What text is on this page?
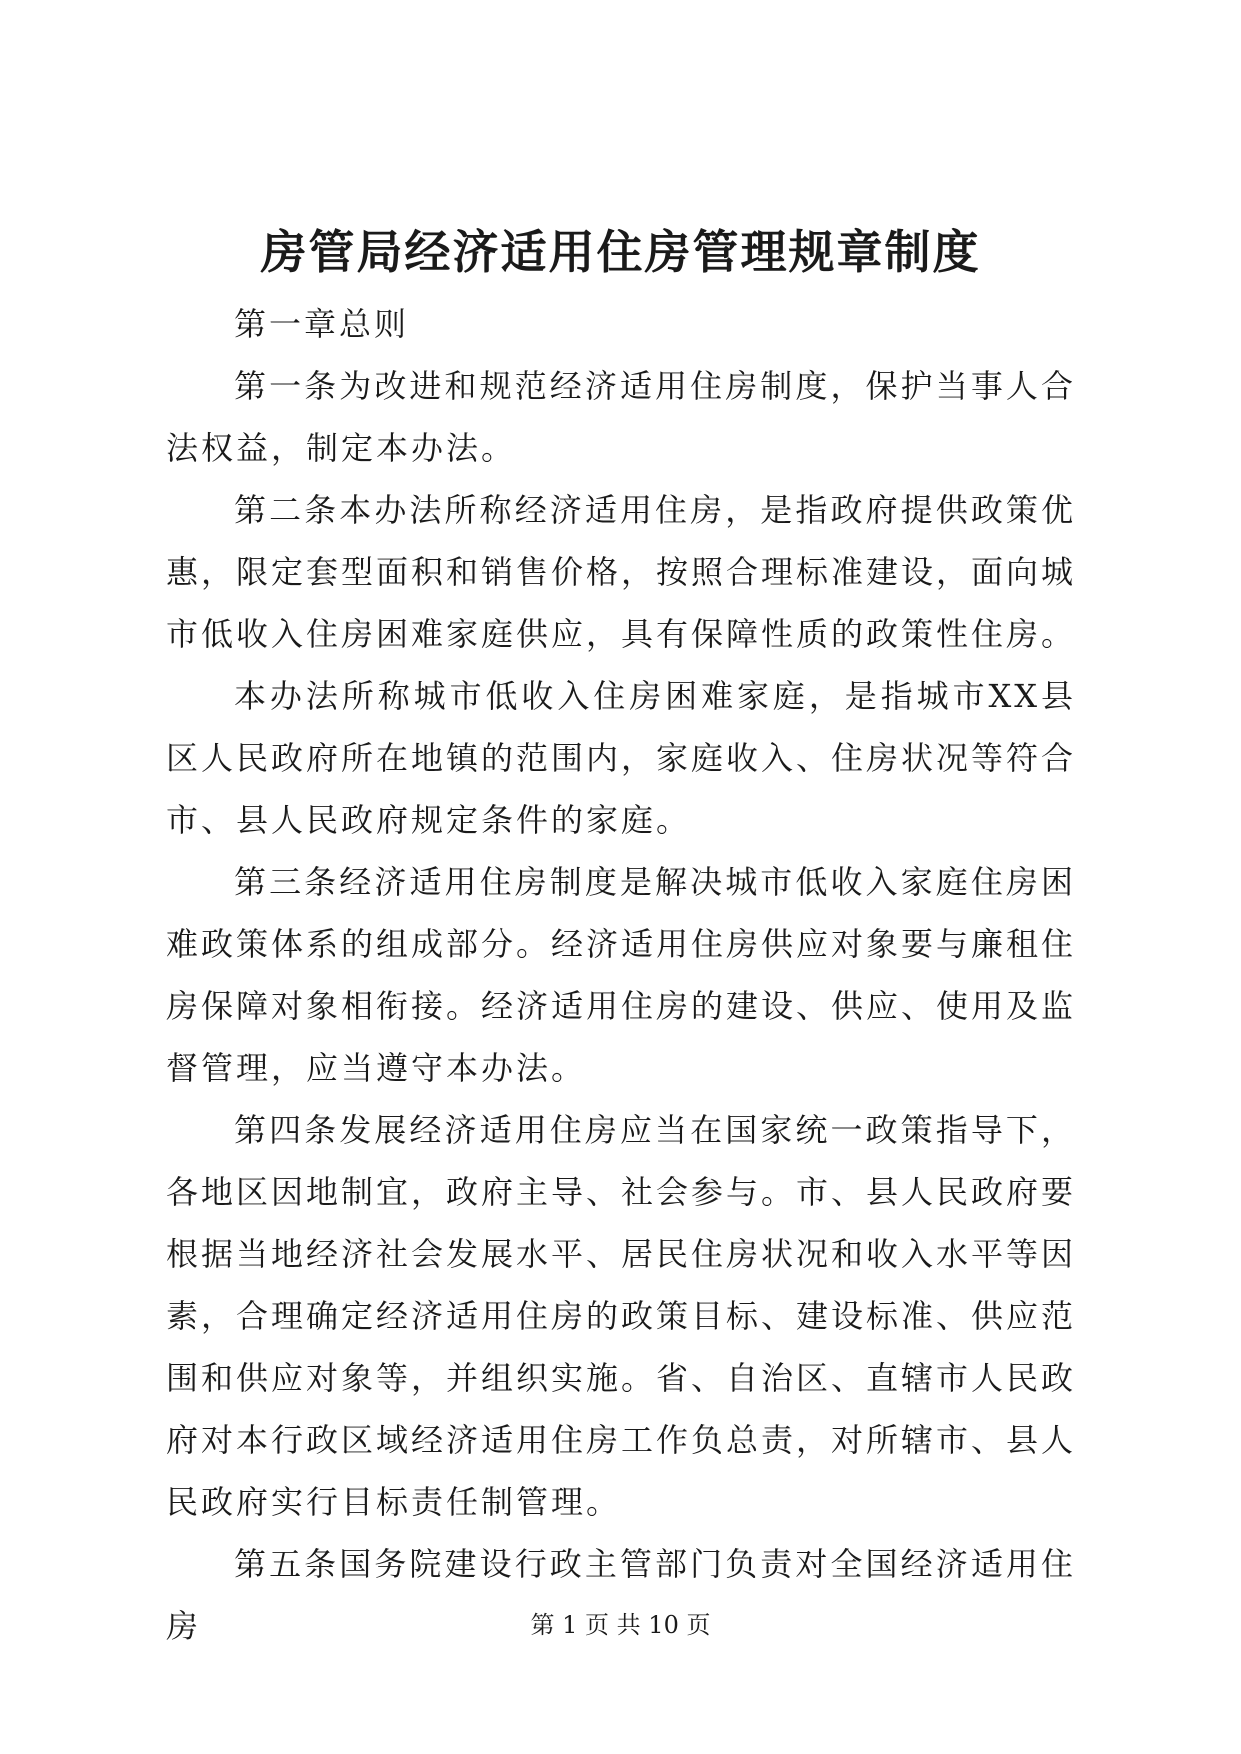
房管局经济适用住房管理规章制度

第一章总则

第一条为改进和规范经济适用住房制度，保护当事人合法权益，制定本办法。

第二条本办法所称经济适用住房，是指政府提供政策优惠，限定套型面积和销售价格，按照合理标准建设，面向城市低收入住房困难家庭供应，具有保障性质的政策性住房。

本办法所称城市低收入住房困难家庭，是指城市XX县区人民政府所在地镇的范围内，家庭收入、住房状况等符合市、县人民政府规定条件的家庭。

第三条经济适用住房制度是解决城市低收入家庭住房困难政策体系的组成部分。经济适用住房供应对象要与廉租住房保障对象相衔接。经济适用住房的建设、供应、使用及监督管理，应当遵守本办法。

第四条发展经济适用住房应当在国家统一政策指导下，各地区因地制宜，政府主导、社会参与。市、县人民政府要根据当地经济社会发展水平、居民住房状况和收入水平等因素，合理确定经济适用住房的政策目标、建设标准、供应范围和供应对象等，并组织实施。省、自治区、直辖市人民政府对本行政区域经济适用住房工作负总责，对所辖市、县人民政府实行目标责任制管理。

第五条国务院建设行政主管部门负责对全国经济适用住房	第 1 页 共 10 页
